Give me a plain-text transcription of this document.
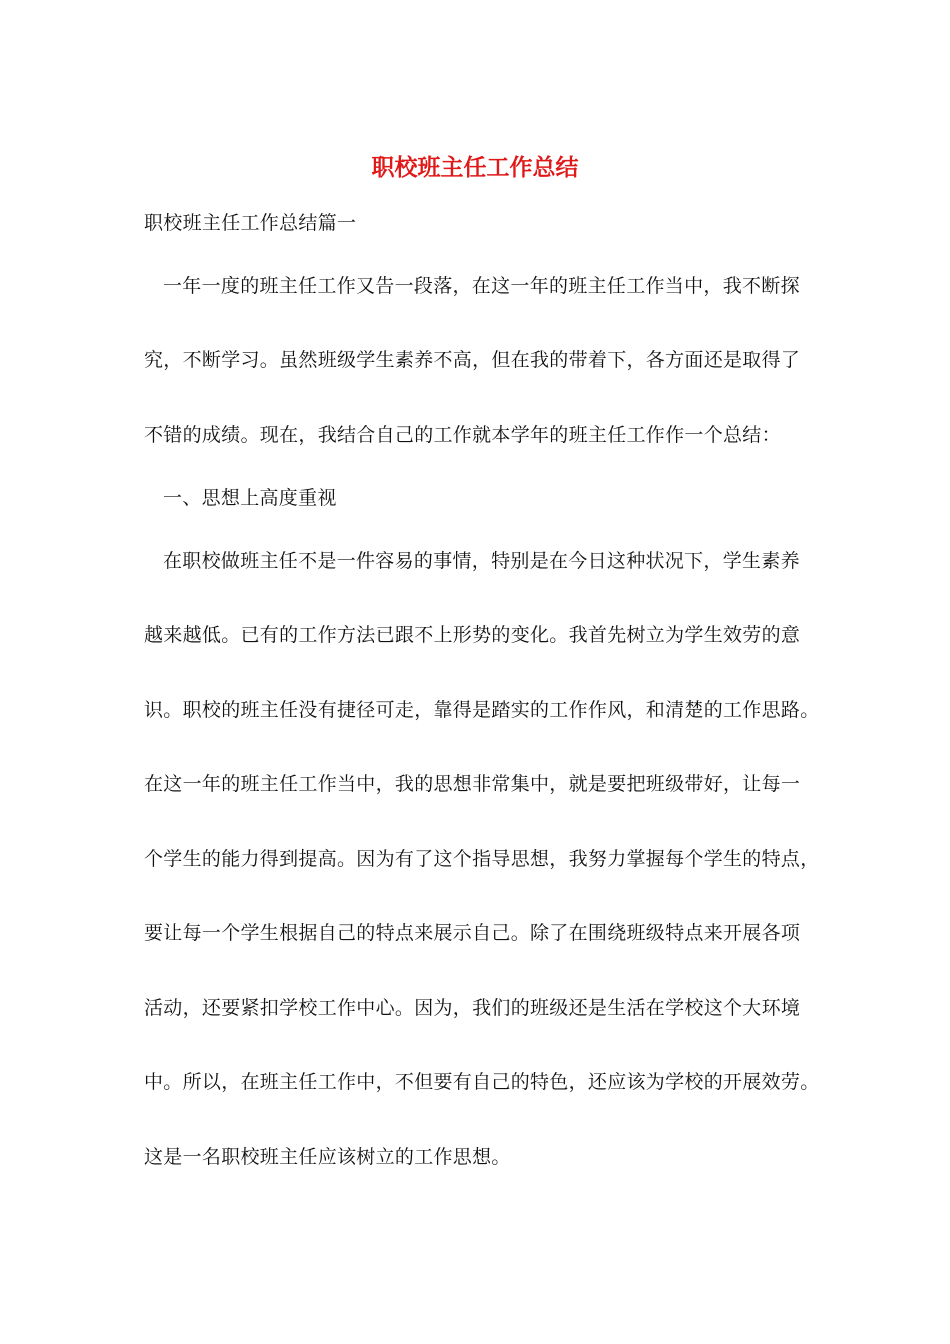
职校班主任工作总结
职校班主任工作总结篇一
一年一度的班主任工作又告一段落，在这一年的班主任工作当中，我不断探
究，不断学习。虽然班级学生素养不高，但在我的带着下，各方面还是取得了
不错的成绩。现在，我结合自己的工作就本学年的班主任工作作一个总结：
一、思想上高度重视
在职校做班主任不是一件容易的事情，特别是在今日这种状况下，学生素养
越来越低。已有的工作方法已跟不上形势的变化。我首先树立为学生效劳的意
识。职校的班主任没有捷径可走，靠得是踏实的工作作风，和清楚的工作思路。
在这一年的班主任工作当中，我的思想非常集中，就是要把班级带好，让每一
个学生的能力得到提高。因为有了这个指导思想，我努力掌握每个学生的特点，
要让每一个学生根据自己的特点来展示自己。除了在围绕班级特点来开展各项
活动，还要紧扣学校工作中心。因为，我们的班级还是生活在学校这个大环境
中。所以，在班主任工作中，不但要有自己的特色，还应该为学校的开展效劳。
这是一名职校班主任应该树立的工作思想。
